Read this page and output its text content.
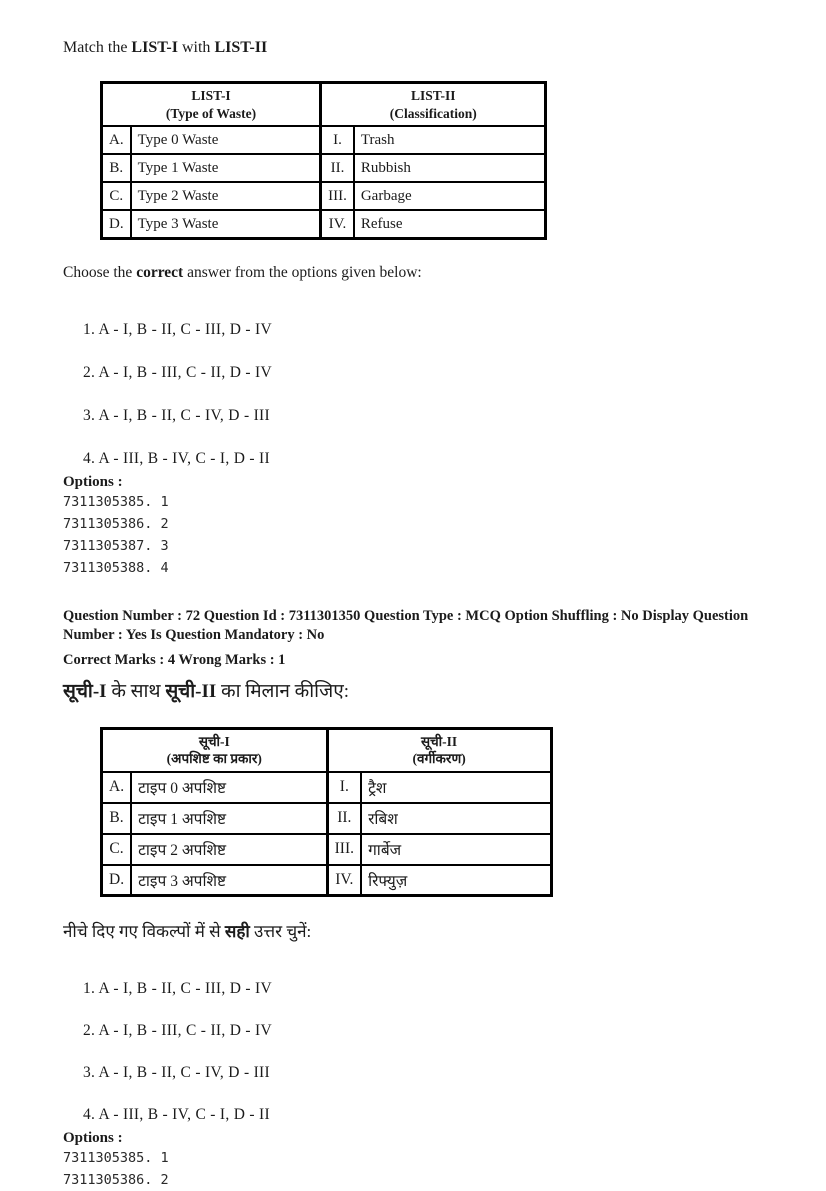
Match the LIST-I with LIST-II
LIST-I
(Type of Waste)

LIST-II
(Classification)

A.	Type 0 Waste	I.	Trash
B.	Type 1 Waste	II.	Rubbish
C.	Type 2 Waste	III.	Garbage
D.	Type 3 Waste	IV.	Refuse
Choose the correct answer from the options given below:
1. A - I, B - II, C - III, D - IV
2. A - I, B - III, C - II, D - IV
3. A - I, B - II, C - IV, D - III
4. A - III, B - IV, C - I, D - II
Options :
7311305385. 1
7311305386. 2
7311305387. 3
7311305388. 4
Question Number : 72 Question Id : 7311301350 Question Type : MCQ Option Shuffling : No Display Question
Number : Yes Is Question Mandatory : No
Correct Marks : 4 Wrong Marks : 1
सूची-I के साथ सूची-II का मिलान कीजिए:
सूची-I
(अपशिष्ट का प्रकार)

सूची-II
(वर्गीकरण)

A.	टाइप 0 अपशिष्ट	I.	ट्रैश
B.	टाइप 1 अपशिष्ट	II.	रबिश
C.	टाइप 2 अपशिष्ट	III.	गार्बेज
D.	टाइप 3 अपशिष्ट	IV.	रिफ्युज़
नीचे दिए गए विकल्पों में से सही उत्तर चुनें:
1. A - I, B - II, C - III, D - IV
2. A - I, B - III, C - II, D - IV
3. A - I, B - II, C - IV, D - III
4. A - III, B - IV, C - I, D - II
Options :
7311305385. 1
7311305386. 2
